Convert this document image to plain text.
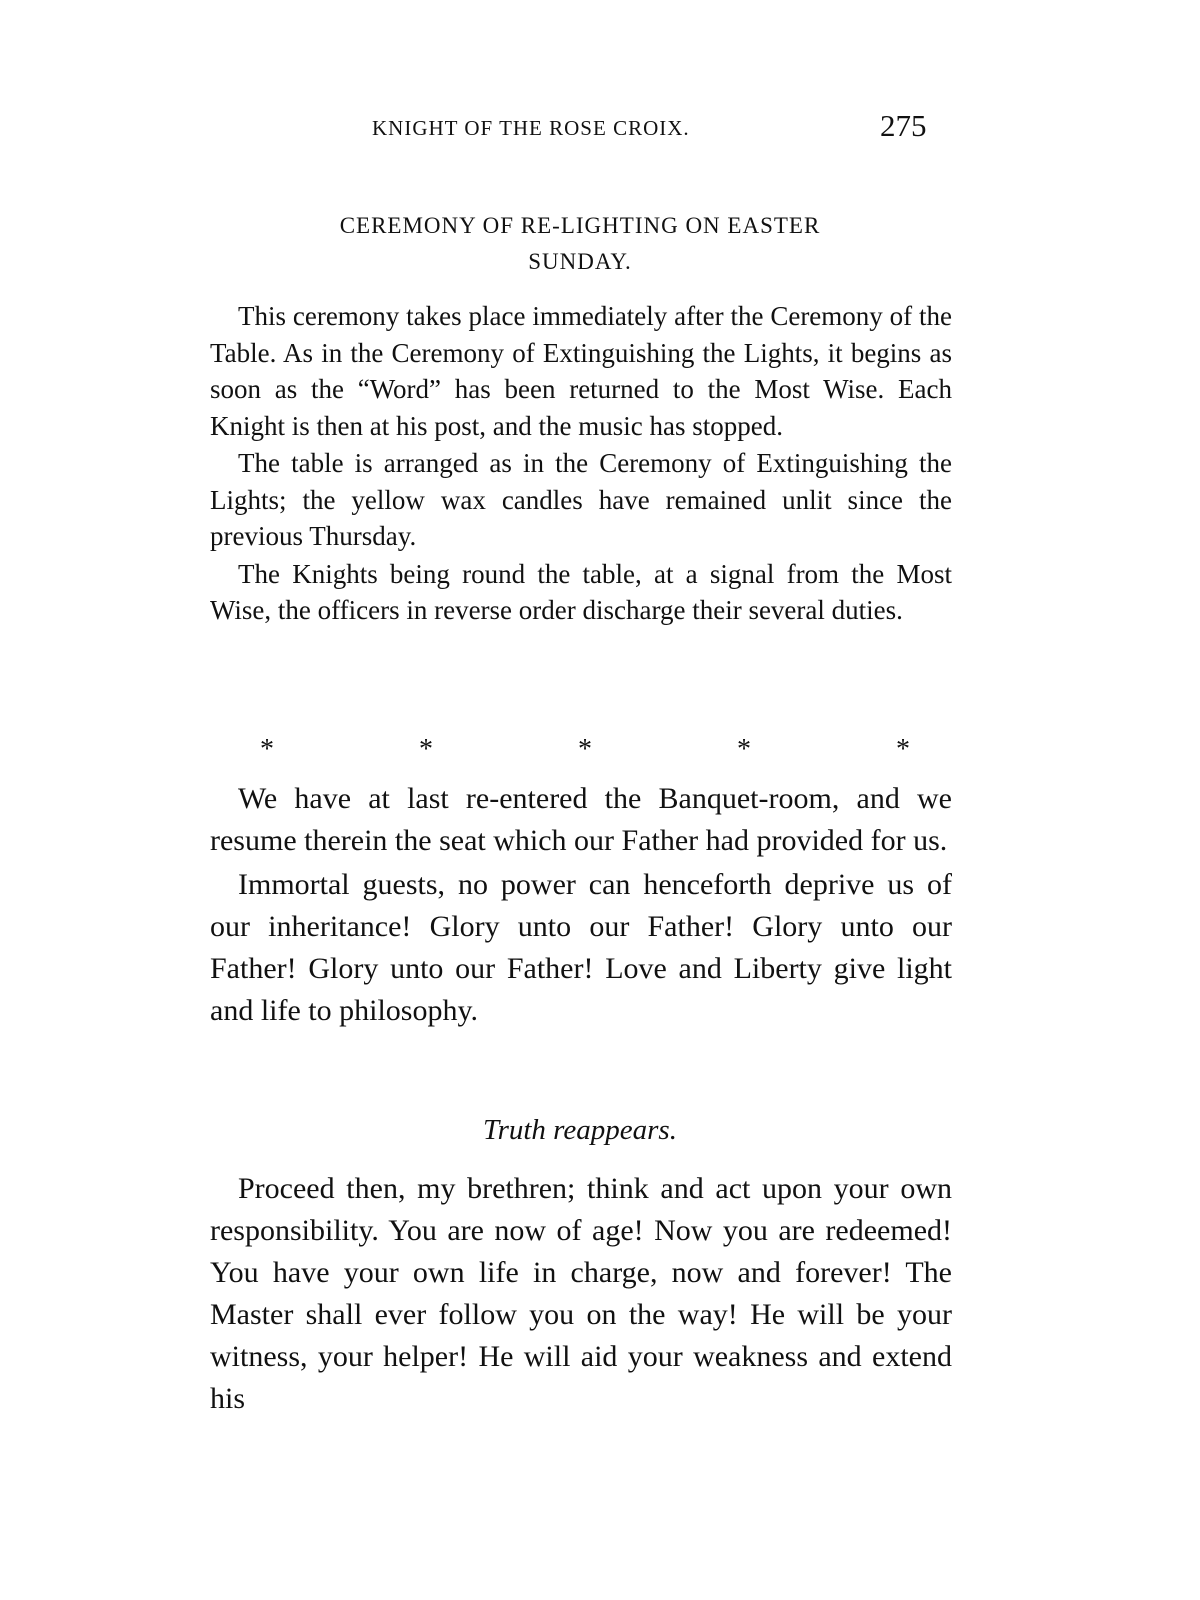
KNIGHT OF THE ROSE CROIX.	275
CEREMONY OF RE-LIGHTING ON EASTER
SUNDAY.

This ceremony takes place immediately after the Ceremony of the Table. As in the Ceremony of Extinguishing the Lights, it begins as soon as the “Word” has been returned to the Most Wise. Each Knight is then at his post, and the music has stopped.

The table is arranged as in the Ceremony of Extinguishing the Lights; the yellow wax candles have remained unlit since the previous Thursday.

The Knights being round the table, at a signal from the Most Wise, the officers in reverse order discharge their several duties.

*	*	*	*	*

We have at last re-entered the Banquet-room, and we resume therein the seat which our Father had provided for us.

Immortal guests, no power can henceforth deprive us of our inheritance! Glory unto our Father! Glory unto our Father! Glory unto our Father! Love and Liberty give light and life to philosophy.

Truth reappears.

Proceed then, my brethren; think and act upon your own responsibility. You are now of age! Now you are redeemed! You have your own life in charge, now and forever! The Master shall ever follow you on the way! He will be your witness, your helper! He will aid your weakness and extend his
